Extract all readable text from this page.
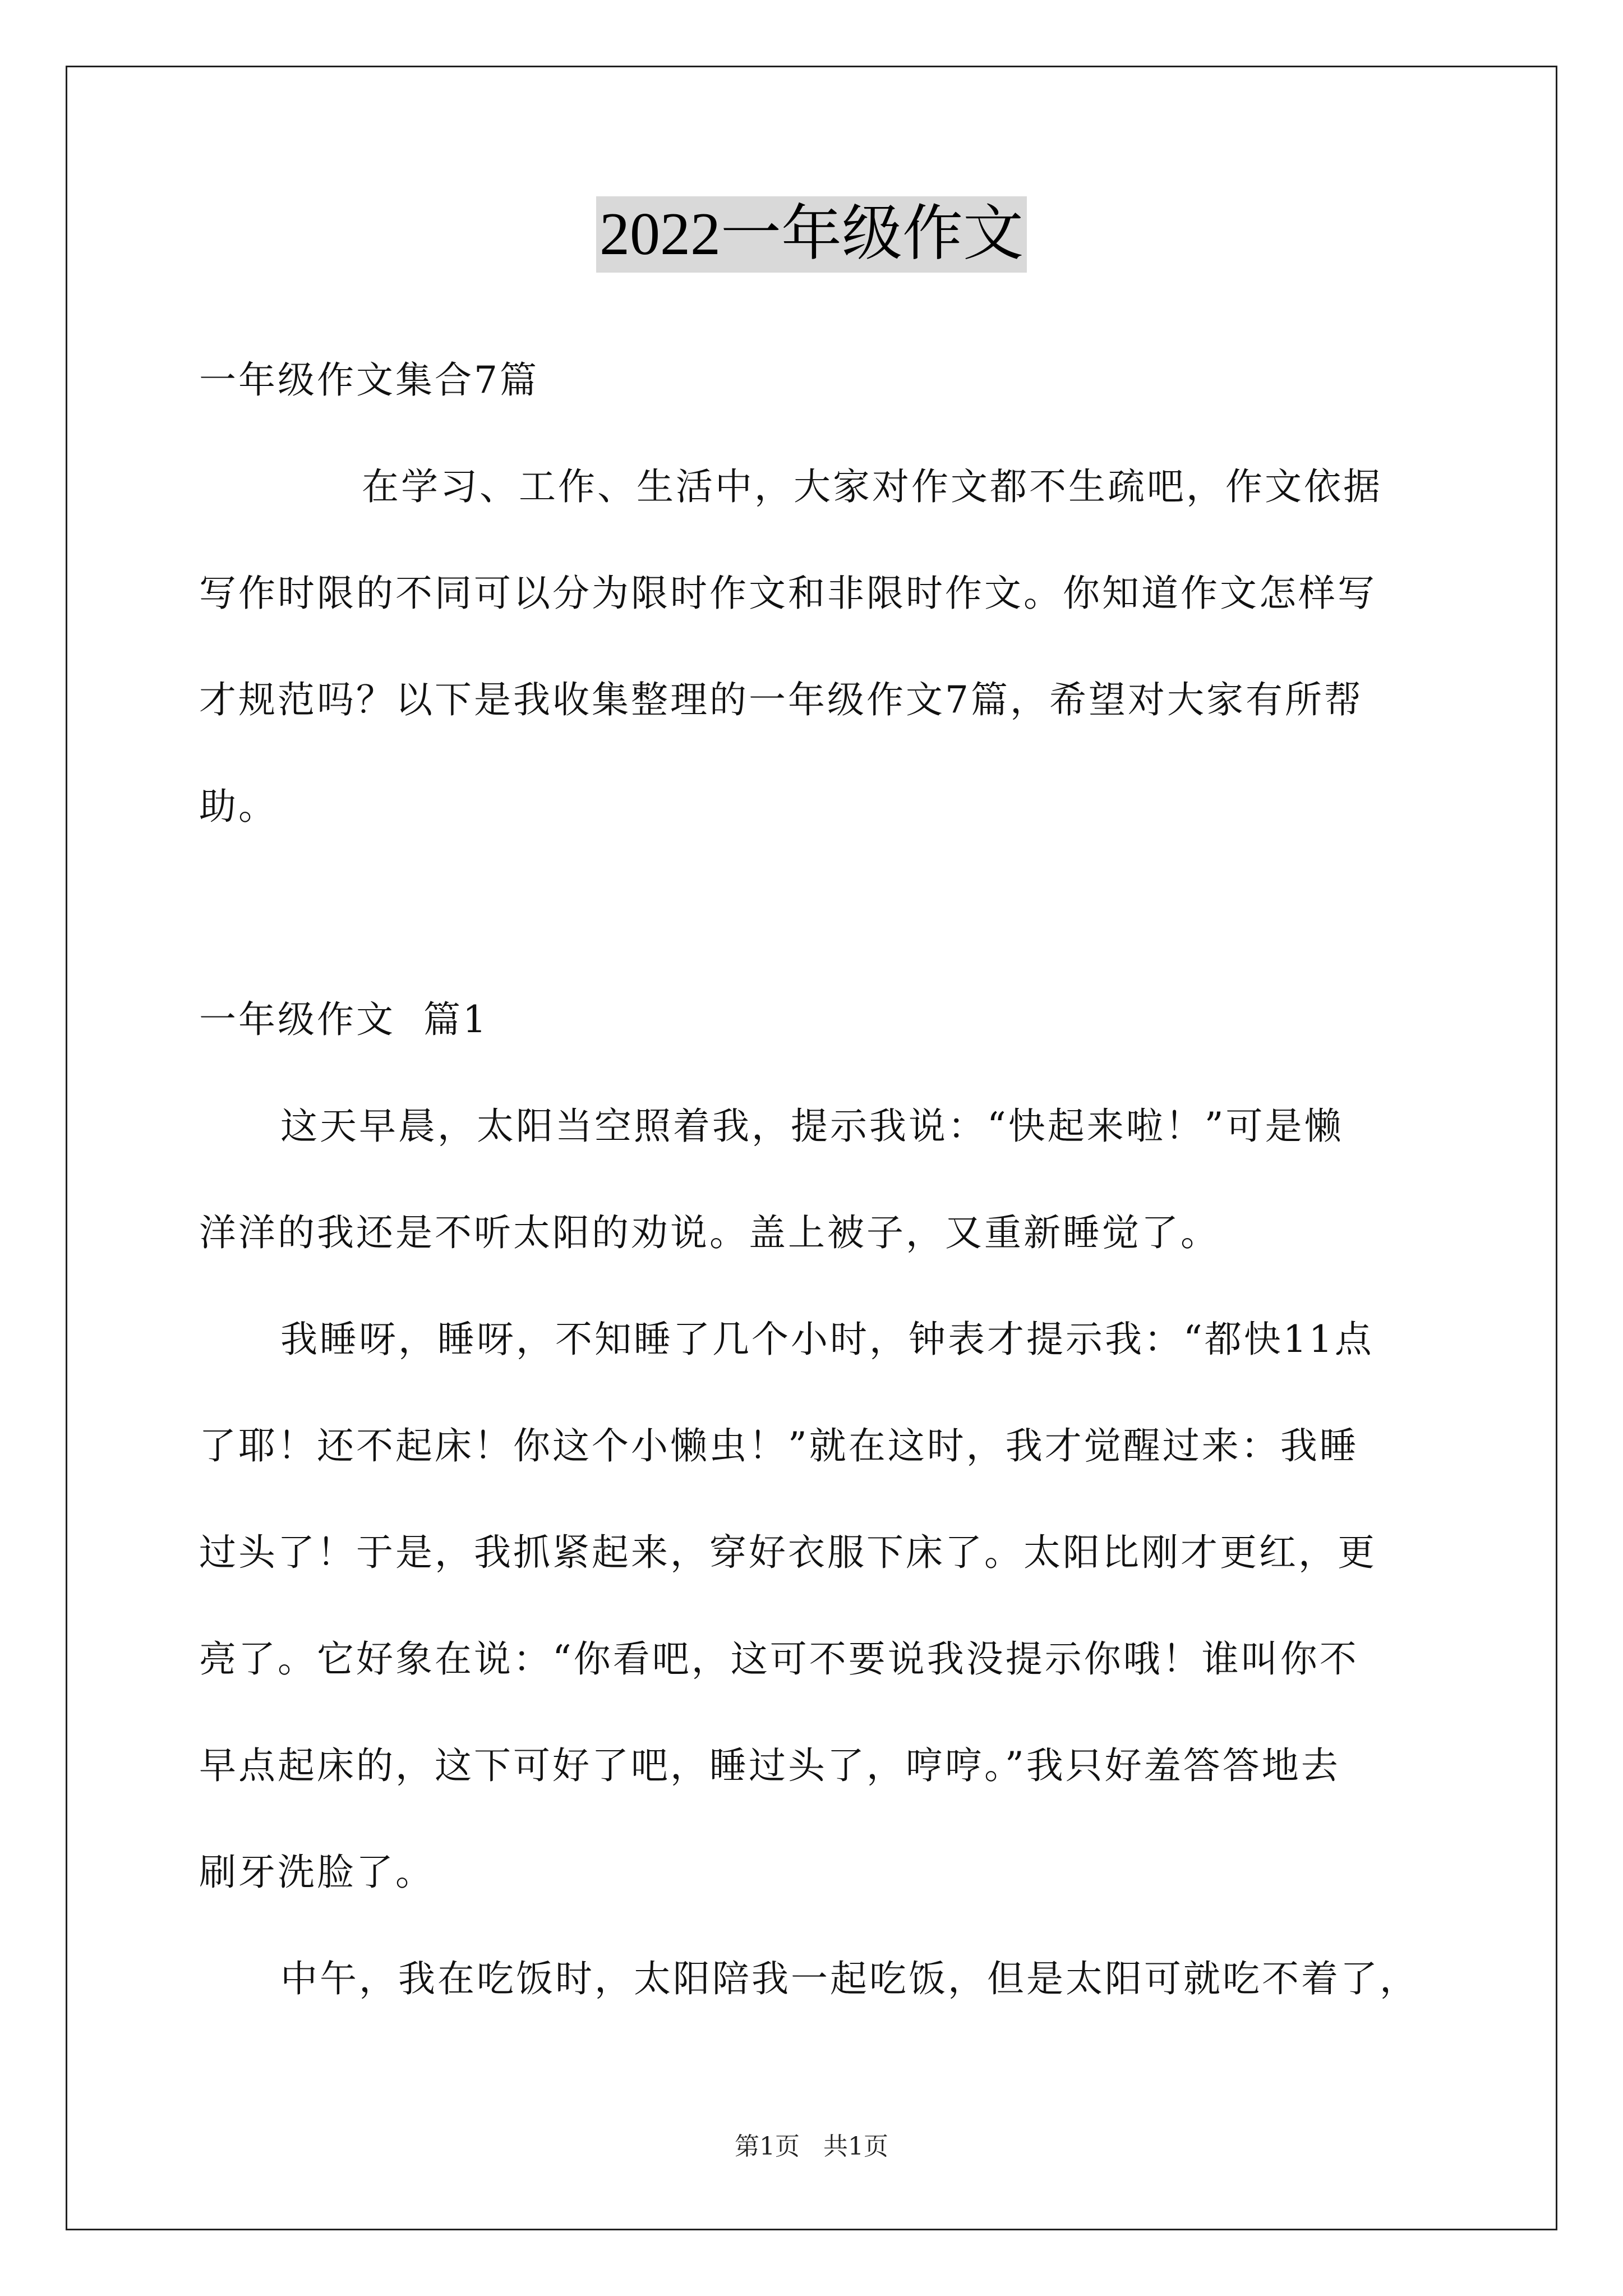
2022一年级作文
一年级作文集合7篇
在学习、工作、生活中，大家对作文都不生疏吧，作文依据
写作时限的不同可以分为限时作文和非限时作文。你知道作文怎样写
才规范吗？以下是我收集整理的一年级作文7篇，希望对大家有所帮
助。
一年级作文  篇1
这天早晨，太阳当空照着我，提示我说：“快起来啦！”可是懒
洋洋的我还是不听太阳的劝说。盖上被子，又重新睡觉了。
我睡呀，睡呀，不知睡了几个小时，钟表才提示我：“都快11点
了耶！还不起床！你这个小懒虫！”就在这时，我才觉醒过来：我睡
过头了！于是，我抓紧起来，穿好衣服下床了。太阳比刚才更红，更
亮了。它好象在说：“你看吧，这可不要说我没提示你哦！谁叫你不
早点起床的，这下可好了吧，睡过头了，哼哼。”我只好羞答答地去
刷牙洗脸了。
中午，我在吃饭时，太阳陪我一起吃饭，但是太阳可就吃不着了，
第1页   共1页
